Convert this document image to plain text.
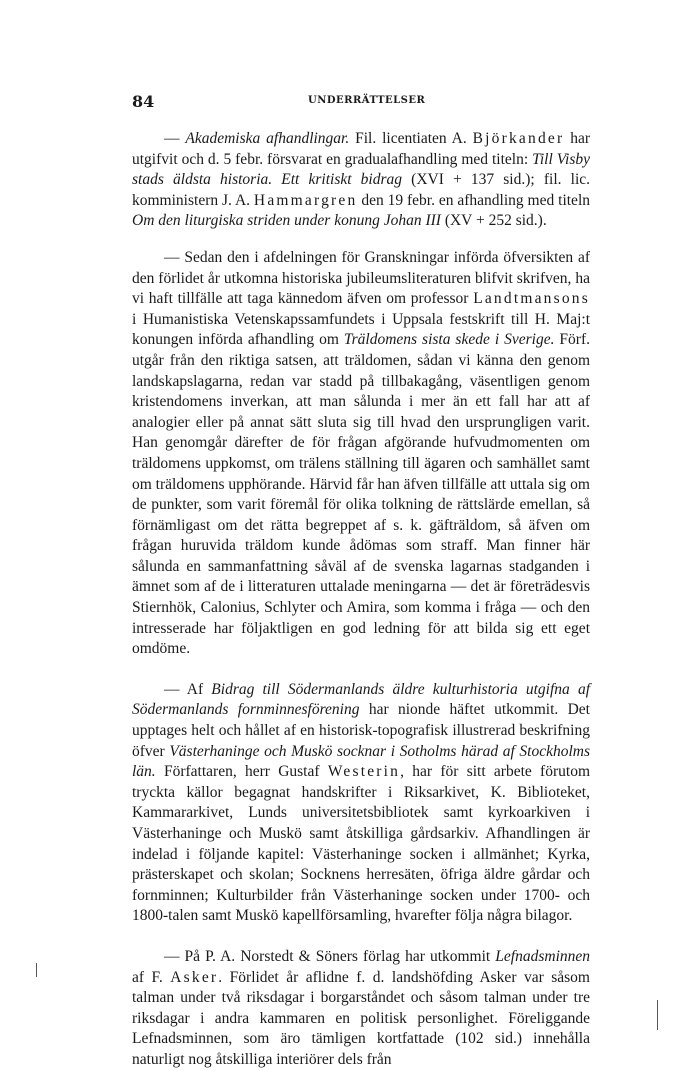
84	UNDERRÄTTELSER

— Akademiska afhandlingar. Fil. licentiaten A. Björkander har utgifvit och d. 5 febr. försvarat en gradualafhandling med titeln: Till Visby stads äldsta historia. Ett kritiskt bidrag (XVI + 137 sid.); fil. lic. komministern J. A. Hammargren den 19 febr. en afhandling med titeln Om den liturgiska striden under konung Johan III (XV + 252 sid.).

— Sedan den i afdelningen för Granskningar införda öfversikten af den förlidet år utkomna historiska jubileumsliteraturen blifvit skrifven, ha vi haft tillfälle att taga kännedom äfven om professor Landtmansons i Humanistiska Vetenskapssamfundets i Uppsala festskrift till H. Maj:t konungen införda afhandling om Träldomens sista skede i Sverige. Förf. utgår från den riktiga satsen, att träldomen, sådan vi känna den genom landskapslagarna, redan var stadd på tillbakagång, väsentligen genom kristendomens inverkan, att man sålunda i mer än ett fall har att af analogier eller på annat sätt sluta sig till hvad den ursprungligen varit. Han genomgår därefter de för frågan afgörande hufvudmomenten om träldomens uppkomst, om trälens ställning till ägaren och samhället samt om träldomens upphörande. Härvid får han äfven tillfälle att uttala sig om de punkter, som varit föremål för olika tolkning de rättslärde emellan, så förnämligast om det rätta begreppet af s. k. gäfträldom, så äfven om frågan huruvida träldom kunde ådömas som straff. Man finner här sålunda en sammanfattning såväl af de svenska lagarnas stadganden i ämnet som af de i litteraturen uttalade meningarna — det är företrädesvis Stiernhök, Calonius, Schlyter och Amira, som komma i fråga — och den intresserade har följaktligen en god ledning för att bilda sig ett eget omdöme.

— Af Bidrag till Södermanlands äldre kulturhistoria utgifna af Södermanlands fornminnesförening har nionde häftet utkommit. Det upptages helt och hållet af en historisk-topografisk illustrerad beskrifning öfver Västerhaninge och Muskö socknar i Sotholms härad af Stockholms län. Författaren, herr Gustaf Westerin, har för sitt arbete förutom tryckta källor begagnat handskrifter i Riksarkivet, K. Biblioteket, Kammararkivet, Lunds universitetsbibliotek samt kyrkoarkiven i Västerhaninge och Muskö samt åtskilliga gårdsarkiv. Afhandlingen är indelad i följande kapitel: Västerhaninge socken i allmänhet; Kyrka, prästerskapet och skolan; Socknens herresäten, öfriga äldre gårdar och fornminnen; Kulturbilder från Västerhaninge socken under 1700- och 1800-talen samt Muskö kapellförsamling, hvarefter följa några bilagor.

— På P. A. Norstedt & Söners förlag har utkommit Lefnadsminnen af F. Asker. Förlidet år aflidne f. d. landshöfding Asker var såsom talman under två riksdagar i borgarståndet och såsom talman under tre riksdagar i andra kammaren en politisk personlighet. Föreliggande Lefnadsminnen, som äro tämligen kortfattade (102 sid.) innehålla naturligt nog åtskilliga interiörer dels från
